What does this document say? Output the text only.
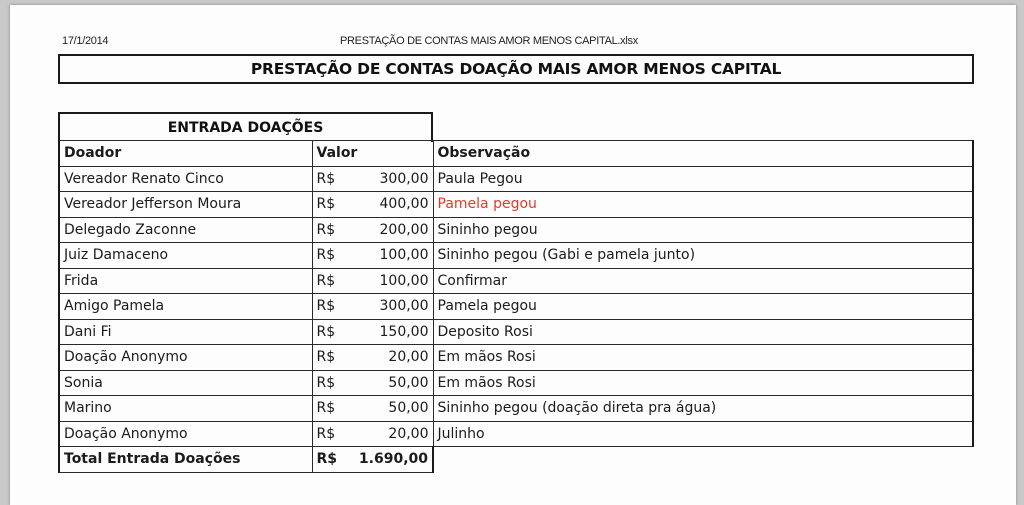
17/1/2014	PRESTAÇÃO DE CONTAS MAIS AMOR MENOS CAPITAL.xlsx
PRESTAÇÃO DE CONTAS DOAÇÃO MAIS AMOR MENOS CAPITAL
ENTRADA DOAÇÕES
Doador	Valor	Observação
Vereador Renato Cinco	R$ 300,00	Paula Pegou
Vereador Jefferson Moura	R$ 400,00	Pamela pegou
Delegado Zaconne	R$ 200,00	Sininho pegou
Juiz Damaceno	R$ 100,00	Sininho pegou (Gabi e pamela junto)
Frida	R$ 100,00	Confirmar
Amigo Pamela	R$ 300,00	Pamela pegou
Dani Fi	R$ 150,00	Deposito Rosi
Doação Anonymo	R$ 20,00	Em mãos Rosi
Sonia	R$ 50,00	Em mãos Rosi
Marino	R$ 50,00	Sininho pegou (doação direta pra água)
Doação Anonymo	R$ 20,00	Julinho
Total Entrada Doações	R$ 1.690,00	
